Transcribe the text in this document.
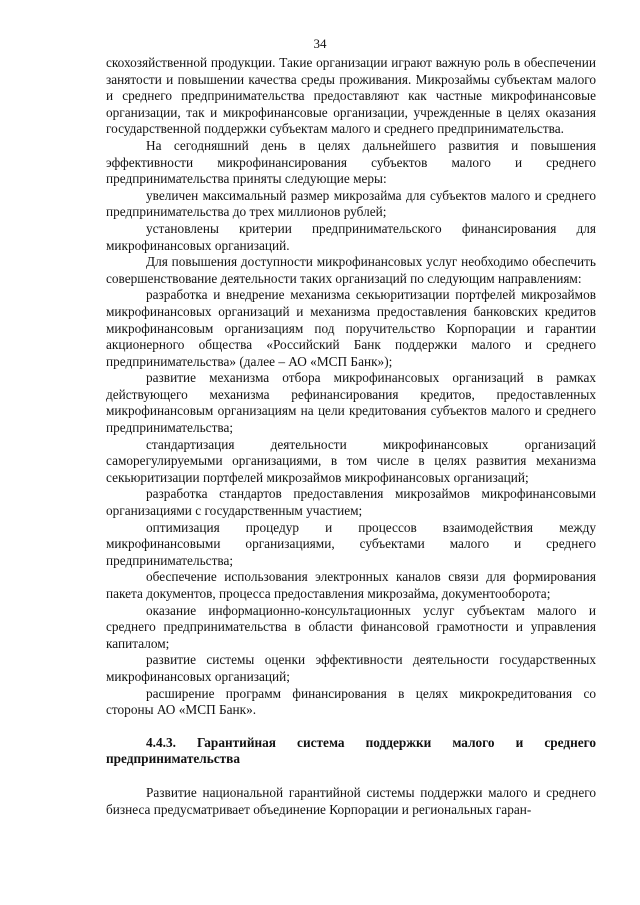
34

скохозяйственной продукции. Такие организации играют важную роль в обеспечении занятости и повышении качества среды проживания. Микрозаймы субъектам малого и среднего предпринимательства предоставляют как частные микрофинансовые организации, так и микрофинансовые организации, учрежденные в целях оказания государственной поддержки субъектам малого и среднего предпринимательства.

На сегодняшний день в целях дальнейшего развития и повышения эффективности микрофинансирования субъектов малого и среднего предпринимательства приняты следующие меры:

увеличен максимальный размер микрозайма для субъектов малого и среднего предпринимательства до трех миллионов рублей;

установлены критерии предпринимательского финансирования для микрофинансовых организаций.

Для повышения доступности микрофинансовых услуг необходимо обеспечить совершенствование деятельности таких организаций по следующим направлениям:

разработка и внедрение механизма секьюритизации портфелей микрозаймов микрофинансовых организаций и механизма предоставления банковских кредитов микрофинансовым организациям под поручительство Корпорации и гарантии акционерного общества «Российский Банк поддержки малого и среднего предпринимательства» (далее – АО «МСП Банк»);

развитие механизма отбора микрофинансовых организаций в рамках действующего механизма рефинансирования кредитов, предоставленных микрофинансовым организациям на цели кредитования субъектов малого и среднего предпринимательства;

стандартизация деятельности микрофинансовых организаций саморегулируемыми организациями, в том числе в целях развития механизма секьюритизации портфелей микрозаймов микрофинансовых организаций;

разработка стандартов предоставления микрозаймов микрофинансовыми организациями с государственным участием;

оптимизация процедур и процессов взаимодействия между микрофинансовыми организациями, субъектами малого и среднего предпринимательства;

обеспечение использования электронных каналов связи для формирования пакета документов, процесса предоставления микрозайма, документооборота;

оказание информационно-консультационных услуг субъектам малого и среднего предпринимательства в области финансовой грамотности и управления капиталом;

развитие системы оценки эффективности деятельности государственных микрофинансовых организаций;

расширение программ финансирования в целях микрокредитования со стороны АО «МСП Банк».

4.4.3. Гарантийная система поддержки малого и среднего предпринимательства

Развитие национальной гарантийной системы поддержки малого и среднего бизнеса предусматривает объединение Корпорации и региональных гаран-
